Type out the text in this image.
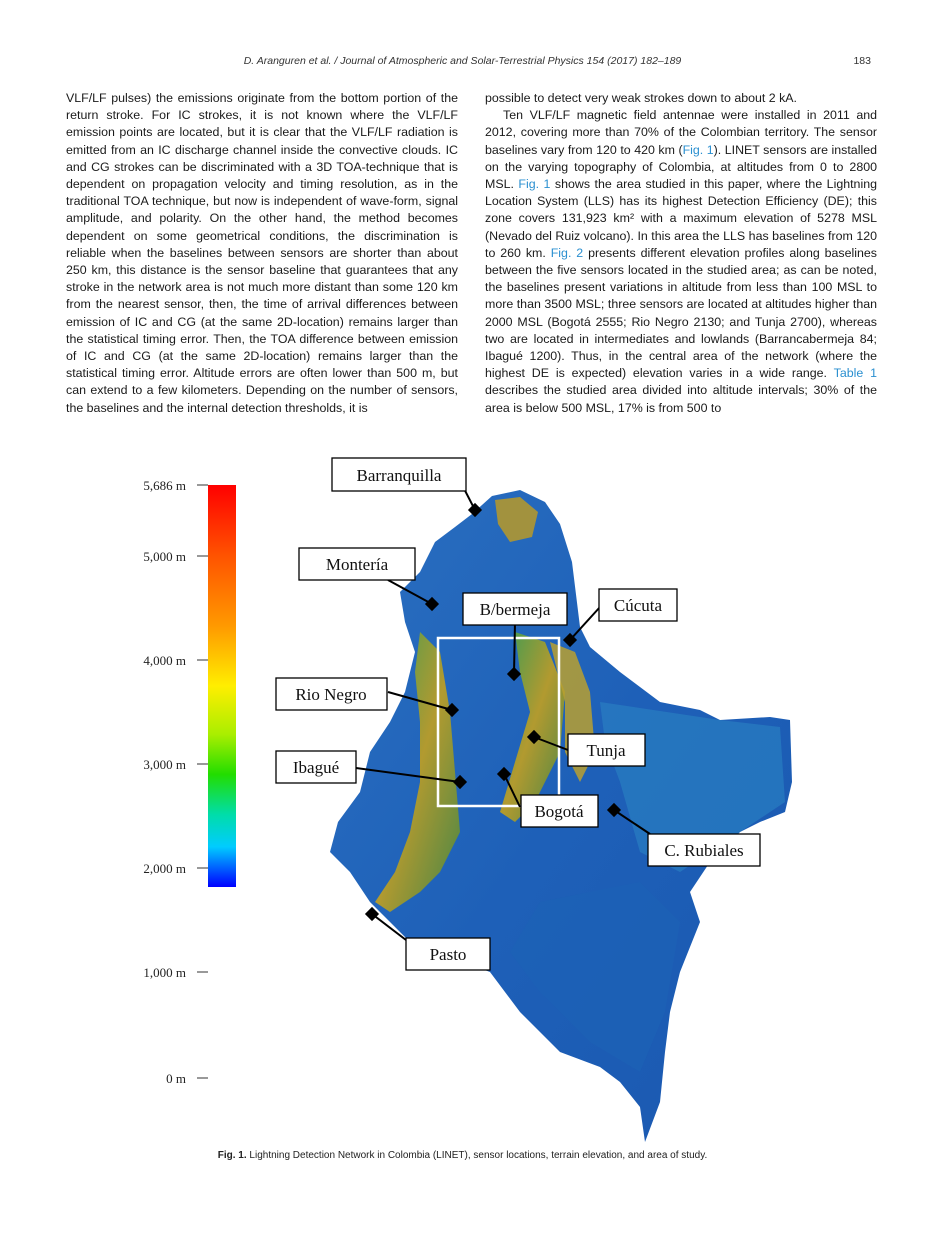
D. Aranguren et al. / Journal of Atmospheric and Solar-Terrestrial Physics 154 (2017) 182–189	183

VLF/LF pulses) the emissions originate from the bottom portion of the return stroke. For IC strokes, it is not known where the VLF/LF emission points are located, but it is clear that the VLF/LF radiation is emitted from an IC discharge channel inside the convective clouds. IC and CG strokes can be discriminated with a 3D TOA-technique that is dependent on propagation velocity and timing resolution, as in the traditional TOA technique, but now is independent of wave-form, signal amplitude, and polarity. On the other hand, the method becomes dependent on some geometrical conditions, the discrimination is reliable when the baselines between sensors are shorter than about 250 km, this distance is the sensor baseline that guarantees that any stroke in the network area is not much more distant than some 120 km from the nearest sensor, then, the time of arrival differences between emission of IC and CG (at the same 2D-location) remains larger than the statistical timing error. Then, the TOA difference between emission of IC and CG (at the same 2D-location) remains larger than the statistical timing error. Altitude errors are often lower than 500 m, but can extend to a few kilometers. Depending on the number of sensors, the baselines and the internal detection thresholds, it is

possible to detect very weak strokes down to about 2 kA.

Ten VLF/LF magnetic field antennae were installed in 2011 and 2012, covering more than 70% of the Colombian territory. The sensor baselines vary from 120 to 420 km (Fig. 1). LINET sensors are installed on the varying topography of Colombia, at altitudes from 0 to 2800 MSL. Fig. 1 shows the area studied in this paper, where the Lightning Location System (LLS) has its highest Detection Efficiency (DE); this zone covers 131,923 km² with a maximum elevation of 5278 MSL (Nevado del Ruiz volcano). In this area the LLS has baselines from 120 to 260 km. Fig. 2 presents different elevation profiles along baselines between the five sensors located in the studied area; as can be noted, the baselines present variations in altitude from less than 100 MSL to more than 3500 MSL; three sensors are located at altitudes higher than 2000 MSL (Bogotá 2555; Rio Negro 2130; and Tunja 2700), whereas two are located in intermediates and lowlands (Barrancabermeja 84; Ibagué 1200). Thus, in the central area of the network (where the highest DE is expected) elevation varies in a wide range. Table 1 describes the studied area divided into altitude intervals; 30% of the area is below 500 MSL, 17% is from 500 to

5,686 m
5,000 m
4,000 m
3,000 m
2,000 m
1,000 m
0 m
Barranquilla
Montería
B/bermeja	Cúcuta
Rio Negro
Tunja
Ibagué
Bogotá
C. Rubiales
Pasto
Fig. 1. Lightning Detection Network in Colombia (LINET), sensor locations, terrain elevation, and area of study.
